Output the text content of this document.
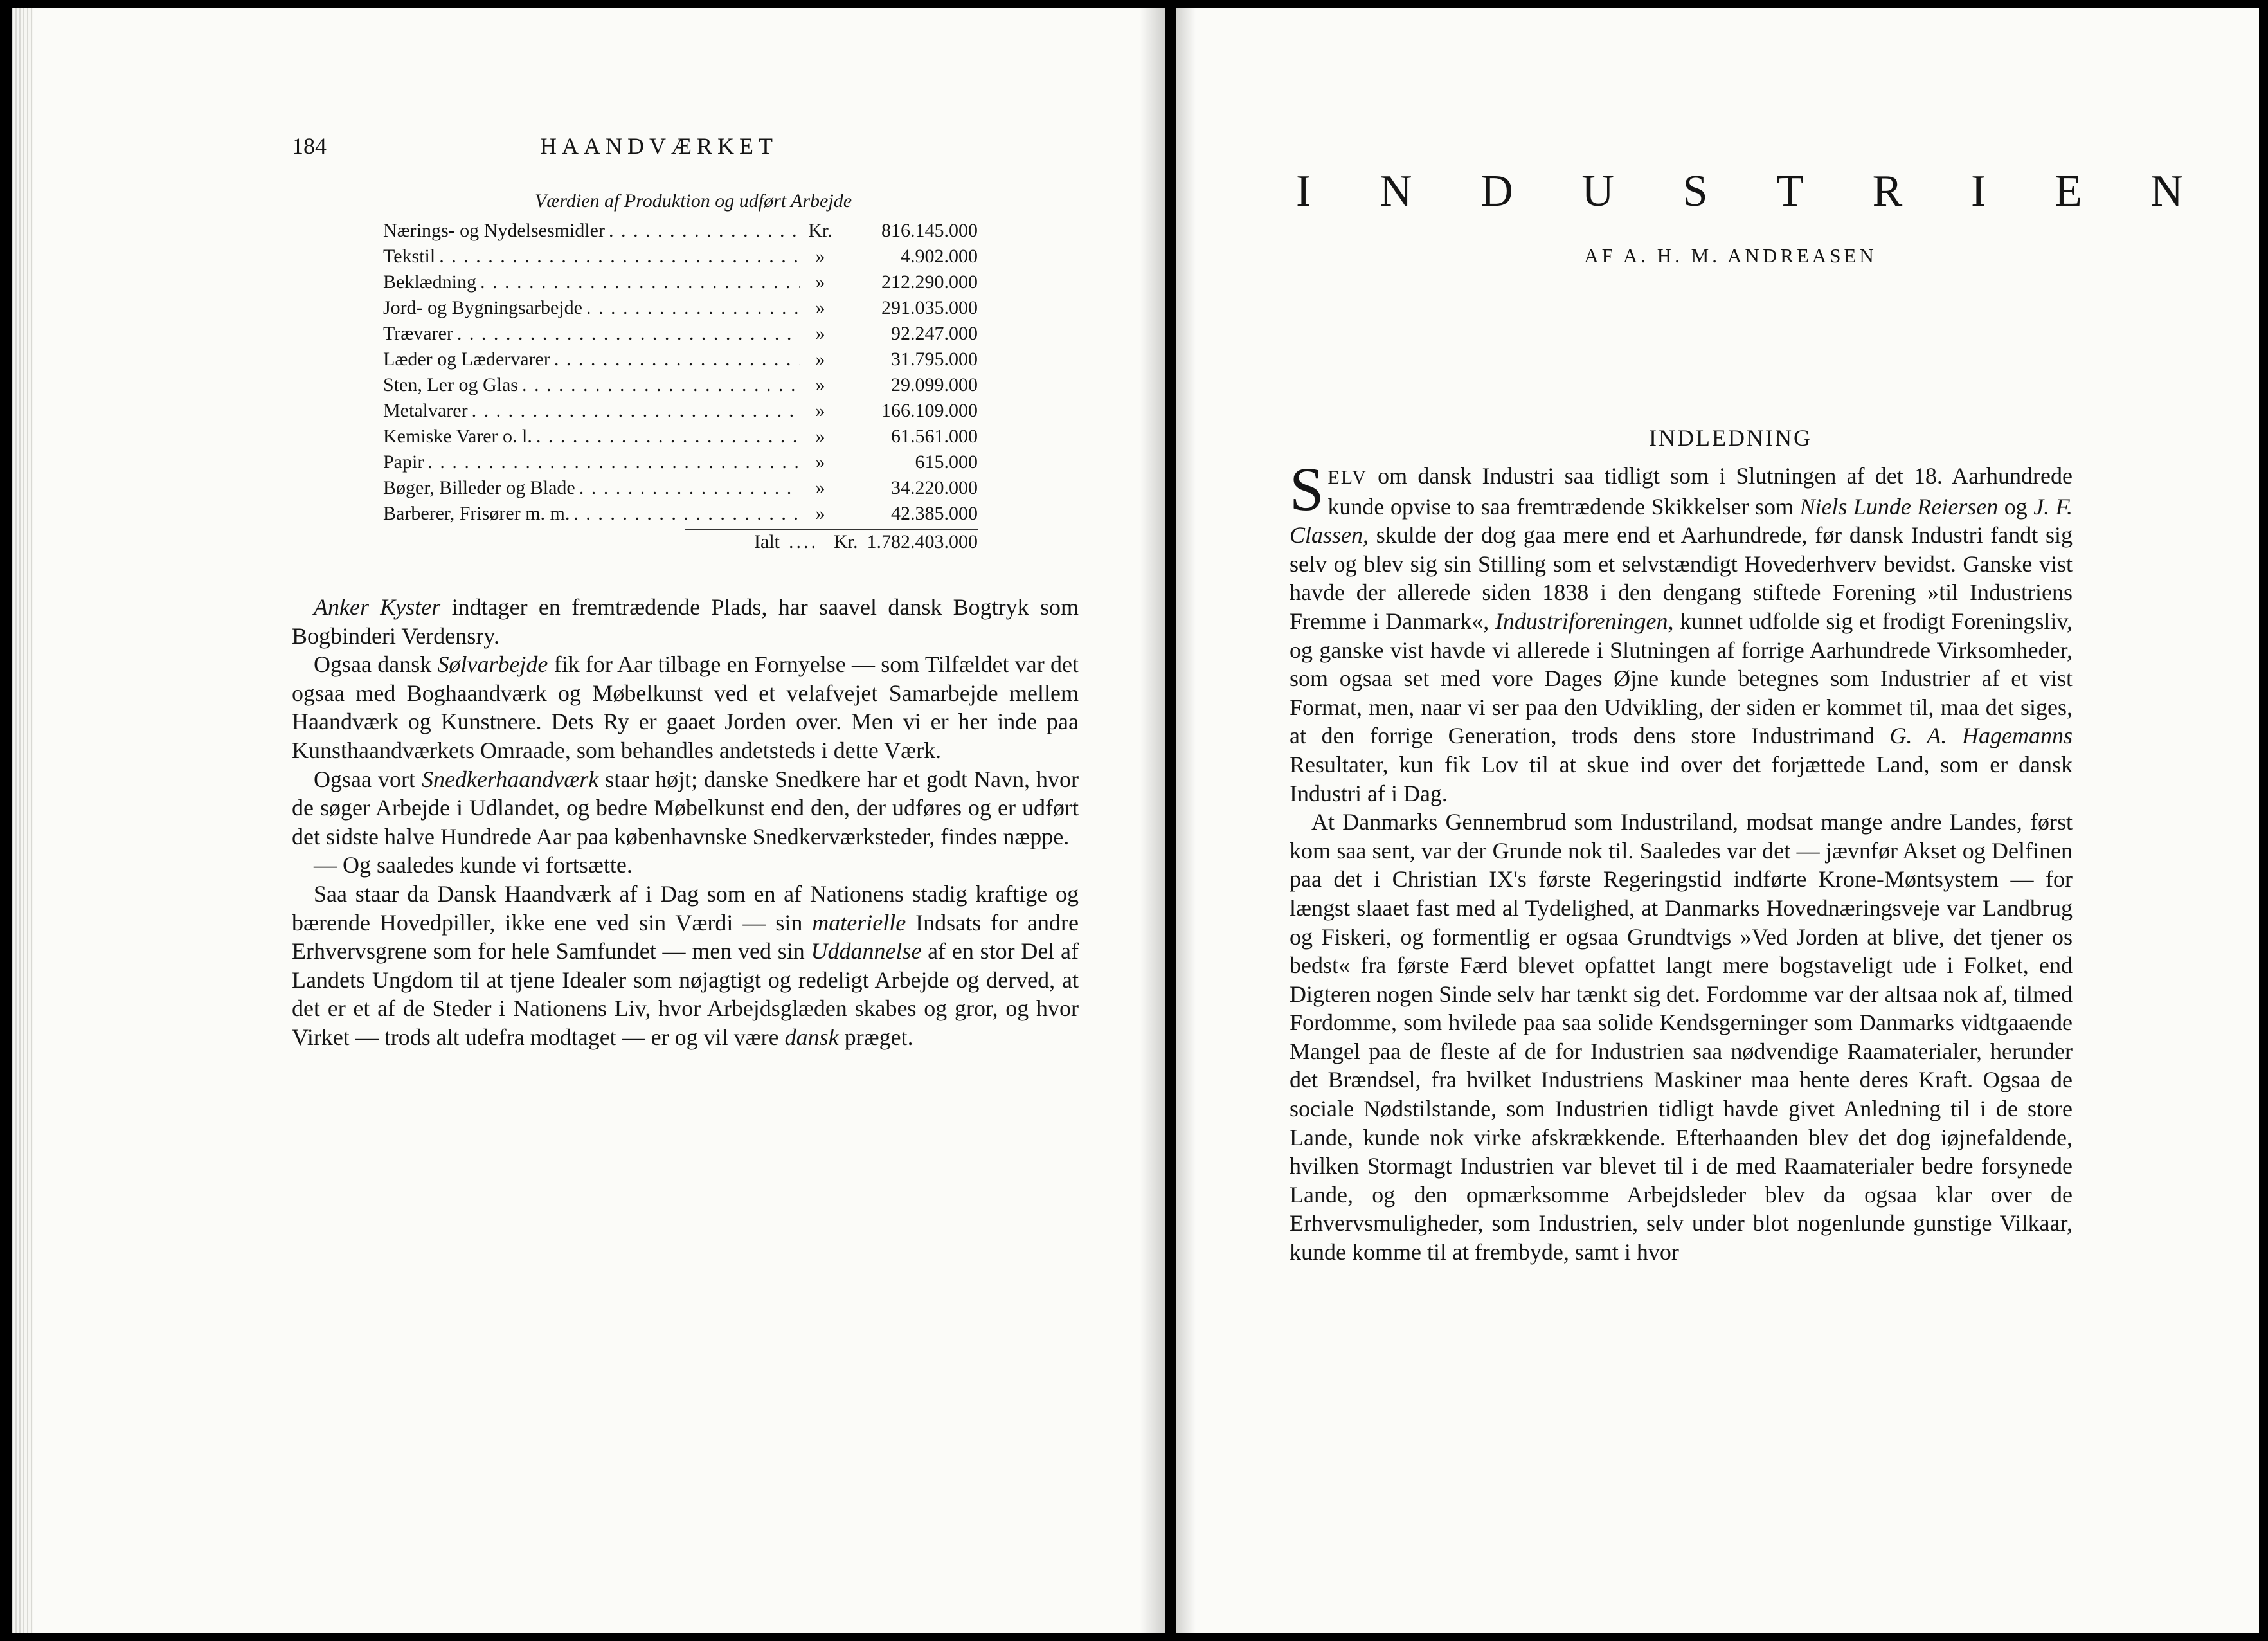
184	HAANDVÆRKET
Værdien af Produktion og udført Arbejde
Nærings- og Nydelsesmidler . . .	Kr.	816.145.000
Tekstil . . .	»	4.902.000
Beklædning . . .	»	212.290.000
Jord- og Bygningsarbejde . . .	»	291.035.000
Trævarer . . .	»	92.247.000
Læder og Lædervarer . . .	»	31.795.000
Sten, Ler og Glas . . .	»	29.099.000
Metalvarer . . .	»	166.109.000
Kemiske Varer o. l. . . .	»	61.561.000
Papir . . .	»	615.000
Bøger, Billeder og Blade . . .	»	34.220.000
Barberer, Frisører m. m. . . .	»	42.385.000
Ialt .... Kr. 1.782.403.000

Anker Kyster indtager en fremtrædende Plads, har saavel dansk Bogtryk som Bogbinderi Verdensry.

Ogsaa dansk Sølvarbejde fik for Aar tilbage en Fornyelse — som Tilfældet var det ogsaa med Boghaandværk og Møbelkunst ved et velafvejet Samarbejde mellem Haandværk og Kunstnere. Dets Ry er gaaet Jorden over. Men vi er her inde paa Kunsthaandværkets Omraade, som behandles andetsteds i dette Værk.

Ogsaa vort Snedkerhaandværk staar højt; danske Snedkere har et godt Navn, hvor de søger Arbejde i Udlandet, og bedre Møbelkunst end den, der udføres og er udført det sidste halve Hundrede Aar paa københavnske Snedkerværksteder, findes næppe.

— Og saaledes kunde vi fortsætte.

Saa staar da Dansk Haandværk af i Dag som en af Nationens stadig kraftige og bærende Hovedpiller, ikke ene ved sin Værdi — sin materielle Indsats for andre Erhvervsgrene som for hele Samfundet — men ved sin Uddannelse af en stor Del af Landets Ungdom til at tjene Idealer som nøjagtigt og redeligt Arbejde og derved, at det er et af de Steder i Nationens Liv, hvor Arbejdsglæden skabes og gror, og hvor Virket — trods alt udefra modtaget — er og vil være dansk præget.

I N D U S T R I E N
AF A. H. M. ANDREASEN
INDLEDNING

SELV om dansk Industri saa tidligt som i Slutningen af det 18. Aarhundrede kunde opvise to saa fremtrædende Skikkelser som Niels Lunde Reiersen og J. F. Classen, skulde der dog gaa mere end et Aarhundrede, før dansk Industri fandt sig selv og blev sig sin Stilling som et selvstændigt Hovederhverv bevidst. Ganske vist havde der allerede siden 1838 i den dengang stiftede Forening »til Industriens Fremme i Danmark«, Industriforeningen, kunnet udfolde sig et frodigt Foreningsliv, og ganske vist havde vi allerede i Slutningen af forrige Aarhundrede Virksomheder, som ogsaa set med vore Dages Øjne kunde betegnes som Industrier af et vist Format, men, naar vi ser paa den Udvikling, der siden er kommet til, maa det siges, at den forrige Generation, trods dens store Industrimand G. A. Hagemanns Resultater, kun fik Lov til at skue ind over det forjættede Land, som er dansk Industri af i Dag.

At Danmarks Gennembrud som Industriland, modsat mange andre Landes, først kom saa sent, var der Grunde nok til. Saaledes var det — jævnfør Akset og Delfinen paa det i Christian IX's første Regeringstid indførte Krone-Møntsystem — for længst slaaet fast med al Tydelighed, at Danmarks Hovednæringsveje var Landbrug og Fiskeri, og formentlig er ogsaa Grundtvigs »Ved Jorden at blive, det tjener os bedst« fra første Færd blevet opfattet langt mere bogstaveligt ude i Folket, end Digteren nogen Sinde selv har tænkt sig det. Fordomme var der altsaa nok af, tilmed Fordomme, som hvilede paa saa solide Kendsgerninger som Danmarks vidtgaaende Mangel paa de fleste af de for Industrien saa nødvendige Raamaterialer, herunder det Brændsel, fra hvilket Industriens Maskiner maa hente deres Kraft. Ogsaa de sociale Nødstilstande, som Industrien tidligt havde givet Anledning til i de store Lande, kunde nok virke afskrækkende. Efterhaanden blev det dog iøjnefaldende, hvilken Stormagt Industrien var blevet til i de med Raamaterialer bedre forsynede Lande, og den opmærksomme Arbejdsleder blev da ogsaa klar over de Erhvervsmuligheder, som Industrien, selv under blot nogenlunde gunstige Vilkaar, kunde komme til at frembyde, samt i hvor
